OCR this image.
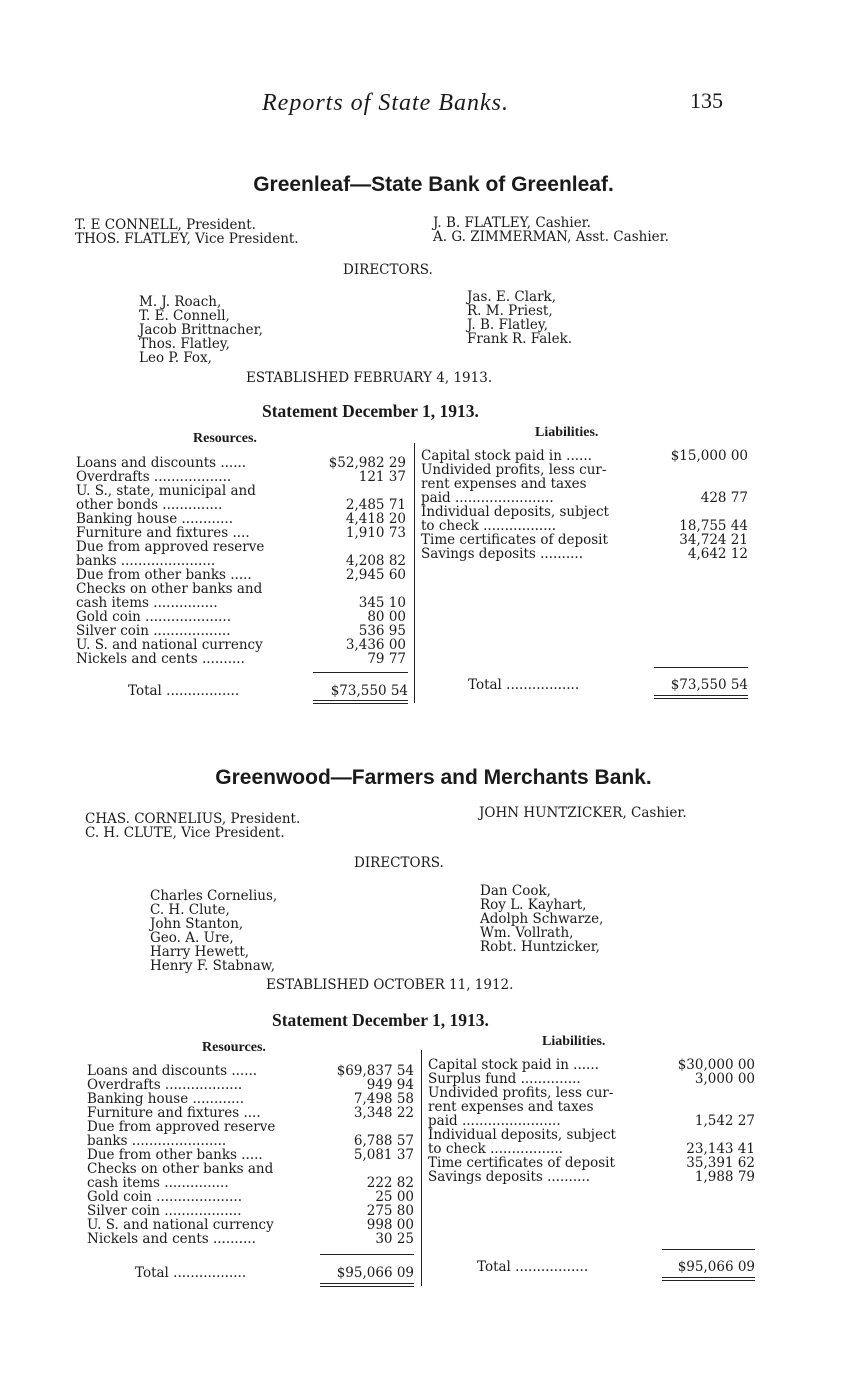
Reports of State Banks.	135
Greenleaf—State Bank of Greenleaf.
T. E CONNELL, President.
THOS. FLATLEY, Vice President.
J. B. FLATLEY, Cashier.
A. G. ZIMMERMAN, Asst. Cashier.
DIRECTORS.
M. J. Roach,
T. E. Connell,
Jacob Brittnacher,
Thos. Flatley,
Leo P. Fox,
Jas. E. Clark,
R. M. Priest,
J. B. Flatley,
Frank R. Falek.
ESTABLISHED FEBRUARY 4, 1913.
Statement December 1, 1913.
Resources.	Liabilities.
Loans and discounts ......	$52,982 29
Overdrafts ..................	121 37
U. S., state, municipal and
other bonds ..............	2,485 71
Banking house ............	4,418 20
Furniture and fixtures ....	1,910 73
Due from approved reserve
banks ......................	4,208 82
Due from other banks .....	2,945 60
Checks on other banks and
cash items ...............	345 10
Gold coin ....................	80 00
Silver coin ..................	536 95
U. S. and national currency	3,436 00
Nickels and cents ..........	79 77
Total .................	$73,550 54
Capital stock paid in ......	$15,000 00
Undivided profits, less cur-
rent expenses and taxes
paid .......................	428 77
Individual deposits, subject
to check .................	18,755 44
Time certificates of deposit	34,724 21
Savings deposits ..........	4,642 12
Total .................	$73,550 54
Greenwood—Farmers and Merchants Bank.
CHAS. CORNELIUS, President.
C. H. CLUTE, Vice President.
JOHN HUNTZICKER, Cashier.
DIRECTORS.
Charles Cornelius,
C. H. Clute,
John Stanton,
Geo. A. Ure,
Harry Hewett,
Henry F. Stabnaw,
Dan Cook,
Roy L. Kayhart,
Adolph Schwarze,
Wm. Vollrath,
Robt. Huntzicker,
ESTABLISHED OCTOBER 11, 1912.
Statement December 1, 1913.
Resources.	Liabilities.
Loans and discounts ......	$69,837 54
Overdrafts ..................	949 94
Banking house ............	7,498 58
Furniture and fixtures ....	3,348 22
Due from approved reserve
banks ......................	6,788 57
Due from other banks .....	5,081 37
Checks on other banks and
cash items ...............	222 82
Gold coin ....................	25 00
Silver coin ..................	275 80
U. S. and national currency	998 00
Nickels and cents ..........	30 25
Total .................	$95,066 09
Capital stock paid in ......	$30,000 00
Surplus fund ..............	3,000 00
Undivided profits, less cur-
rent expenses and taxes
paid .......................	1,542 27
Individual deposits, subject
to check .................	23,143 41
Time certificates of deposit	35,391 62
Savings deposits ..........	1,988 79
Total .................	$95,066 09
